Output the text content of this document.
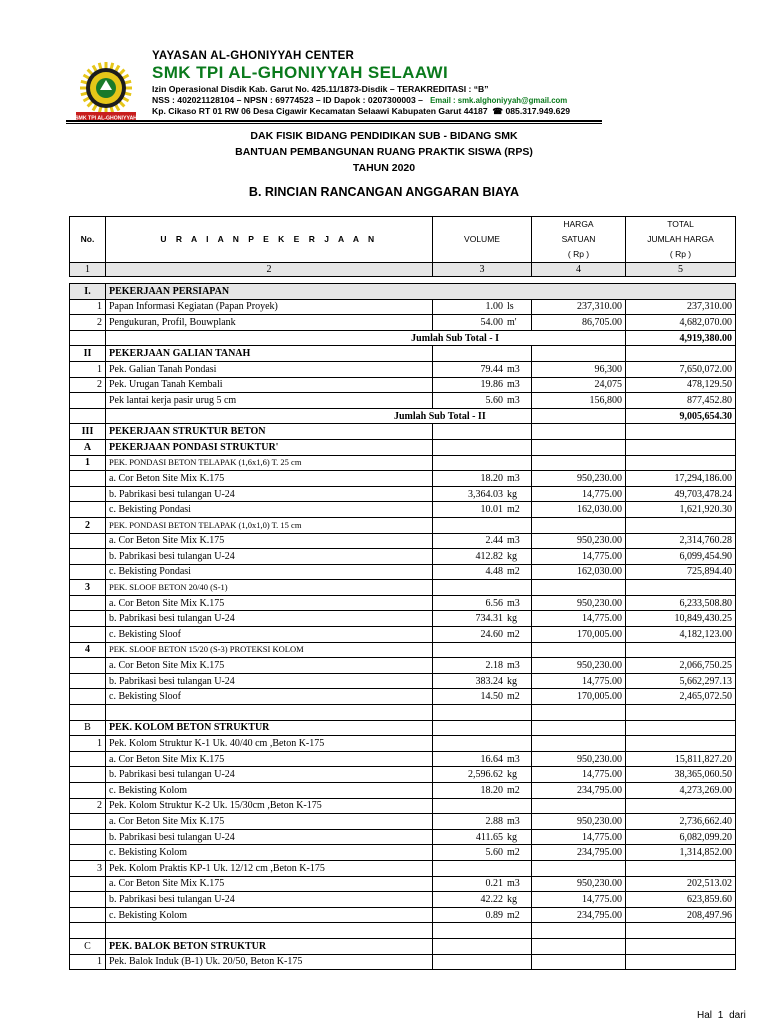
SMK TPI AL-GHONIYYAH
YAYASAN AL-GHONIYYAH CENTER
SMK TPI AL-GHONIYYAH SELAAWI
Izin Operasional Disdik Kab. Garut No. 425.11/1873-Disdik – TERAKREDITASI : “B”
NSS : 402021128104 – NPSN : 69774523 – ID Dapok : 0207300003 – Email : smk.alghoniyyah@gmail.com
Kp. Cikaso RT 01 RW 06 Desa Cigawir Kecamatan Selaawi Kabupaten Garut 44187 ☎ 085.317.949.629
DAK FISIK BIDANG PENDIDIKAN SUB - BIDANG SMK
BANTUAN PEMBANGUNAN RUANG PRAKTIK SISWA (RPS)
TAHUN 2020
B. RINCIAN RANCANGAN ANGGARAN BIAYA
No.	U R A I A N P E K E R J A A N	VOLUME	HARGA
SATUAN
( Rp )	TOTAL
JUMLAH HARGA
( Rp )
1	2	3	4	5

I.	PEKERJAAN PERSIAPAN			
1	Papan Informasi Kegiatan (Papan Proyek)	1.00 ls	237,310.00	237,310.00
2	Pengukuran, Profil, Bouwplank	54.00 m'	86,705.00	4,682,070.00
	Jumlah Sub Total - I			4,919,380.00
II	PEKERJAAN GALIAN TANAH			
1	Pek. Galian Tanah Pondasi	79.44 m3	96,300	7,650,072.00
2	Pek. Urugan Tanah Kembali	19.86 m3	24,075	478,129.50
	Pek lantai kerja pasir urug 5 cm	5.60 m3	156,800	877,452.80
	Jumlah Sub Total - II			9,005,654.30
III	PEKERJAAN STRUKTUR BETON			
A	PEKERJAAN PONDASI STRUKTUR'			
1	PEK. PONDASI BETON TELAPAK (1,6x1,6) T. 25 cm			
	a. Cor Beton Site Mix K.175	18.20 m3	950,230.00	17,294,186.00
	b. Pabrikasi besi tulangan U-24	3,364.03 kg	14,775.00	49,703,478.24
	c. Bekisting Pondasi	10.01 m2	162,030.00	1,621,920.30
2	PEK. PONDASI BETON TELAPAK (1,0x1,0) T. 15 cm			
	a. Cor Beton Site Mix K.175	2.44 m3	950,230.00	2,314,760.28
	b. Pabrikasi besi tulangan U-24	412.82 kg	14,775.00	6,099,454.90
	c. Bekisting Pondasi	4.48 m2	162,030.00	725,894.40
3	PEK. SLOOF BETON 20/40 (S-1)			
	a. Cor Beton Site Mix K.175	6.56 m3	950,230.00	6,233,508.80
	b. Pabrikasi besi tulangan U-24	734.31 kg	14,775.00	10,849,430.25
	c. Bekisting Sloof	24.60 m2	170,005.00	4,182,123.00
4	PEK. SLOOF BETON 15/20 (S-3) PROTEKSI KOLOM			
	a. Cor Beton Site Mix K.175	2.18 m3	950,230.00	2,066,750.25
	b. Pabrikasi besi tulangan U-24	383.24 kg	14,775.00	5,662,297.13
	c. Bekisting Sloof	14.50 m2	170,005.00	2,465,072.50

B	PEK. KOLOM BETON STRUKTUR			
1	Pek. Kolom Struktur K-1 Uk. 40/40 cm ,Beton K-175			
	a. Cor Beton Site Mix K.175	16.64 m3	950,230.00	15,811,827.20
	b. Pabrikasi besi tulangan U-24	2,596.62 kg	14,775.00	38,365,060.50
	c. Bekisting Kolom	18.20 m2	234,795.00	4,273,269.00
2	Pek. Kolom Struktur K-2 Uk. 15/30cm ,Beton K-175			
	a. Cor Beton Site Mix K.175	2.88 m3	950,230.00	2,736,662.40
	b. Pabrikasi besi tulangan U-24	411.65 kg	14,775.00	6,082,099.20
	c. Bekisting Kolom	5.60 m2	234,795.00	1,314,852.00
3	Pek. Kolom Praktis KP-1 Uk. 12/12 cm ,Beton K-175			
	a. Cor Beton Site Mix K.175	0.21 m3	950,230.00	202,513.02
	b. Pabrikasi besi tulangan U-24	42.22 kg	14,775.00	623,859.60
	c. Bekisting Kolom	0.89 m2	234,795.00	208,497.96

C	PEK. BALOK BETON STRUKTUR			
1	Pek. Balok Induk (B-1) Uk. 20/50, Beton K-175			
Hal 1 dari
